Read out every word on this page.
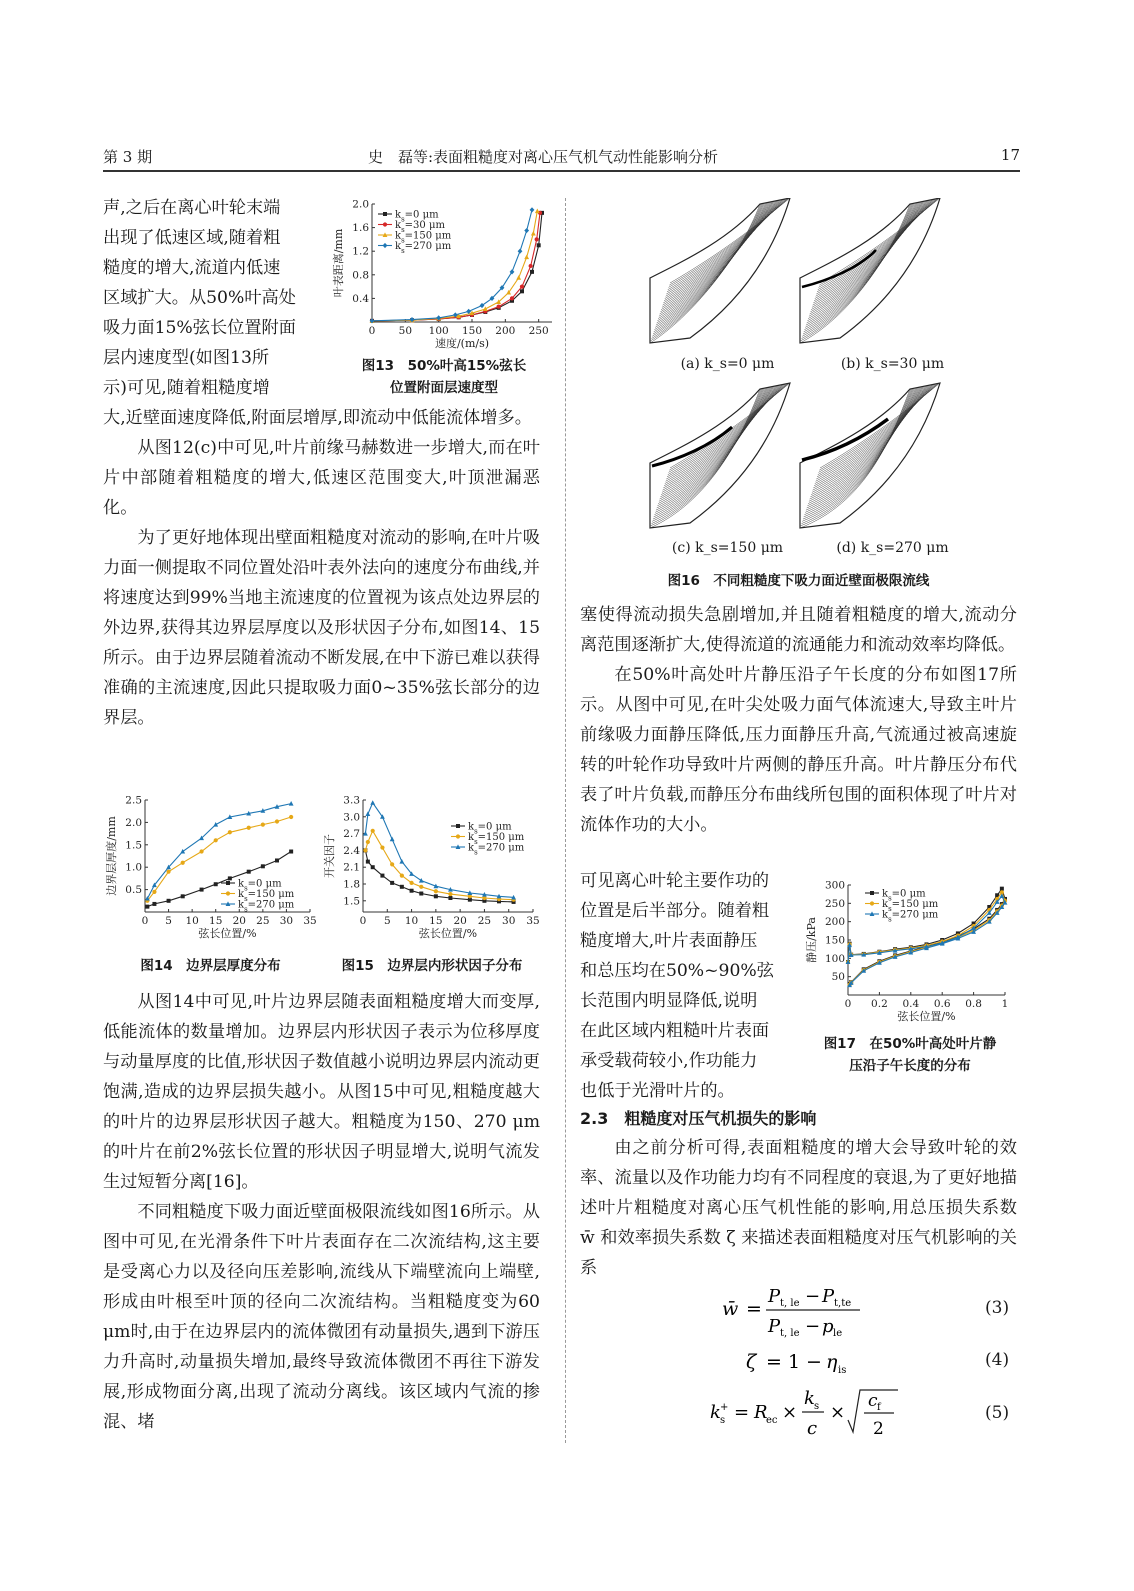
第 3 期	史　磊等:表面粗糙度对离心压气机气动性能影响分析	17
声,之后在离心叶轮末端
出现了低速区域,随着粗
糙度的增大,流道内低速
区域扩大。从50%叶高处
吸力面15%弦长位置附面
层内速度型(如图13所
示)可见,随着粗糙度增
0 50 100 150 200 250
0.4
0.8
1.2
1.6
2.0
速度/(m/s)
叶表距离/mm
$k_s=0$ μm
$k_s=30$ μm
$k_s=150$ μm
$k_s=270$ μm
图13　50%叶高15%弦长
位置附面层速度型

大,近壁面速度降低,附面层增厚,即流动中低能流体增多。

从图12(c)中可见,叶片前缘马赫数进一步增大,而在叶片中部随着粗糙度的增大,低速区范围变大,叶顶泄漏恶化。

为了更好地体现出壁面粗糙度对流动的影响,在叶片吸力面一侧提取不同位置处沿叶表外法向的速度分布曲线,并将速度达到99%当地主流速度的位置视为该点处边界层的外边界,获得其边界层厚度以及形状因子分布,如图14、15所示。由于边界层随着流动不断发展,在中下游已难以获得准确的主流速度,因此只提取吸力面0~35%弦长部分的边界层。

0 5 10 15 20 25 30 35
0.5
1.0
1.5
2.0
2.5
弦长位置/%
边界层厚度/mm	$k_s=0$ μm
$k_s=150$ μm
$k_s=270$ μm
0 5 10 15 20 25 30 35
1.5
1.8
2.1
2.4
2.7
3.0
3.3
弦长位置/%
开关因子
$k_s=0$ μm
$k_s=150$ μm
$k_s=270$ μm
图14　边界层厚度分布	图15　边界层内形状因子分布

从图14中可见,叶片边界层随表面粗糙度增大而变厚,低能流体的数量增加。边界层内形状因子表示为位移厚度与动量厚度的比值,形状因子数值越小说明边界层内流动更饱满,造成的边界层损失越小。从图15中可见,粗糙度越大的叶片的边界层形状因子越大。粗糙度为150、270 μm的叶片在前2%弦长位置的形状因子明显增大,说明气流发生过短暂分离[16]。

不同粗糙度下吸力面近壁面极限流线如图16所示。从图中可见,在光滑条件下叶片表面存在二次流结构,这主要是受离心力以及径向压差影响,流线从下端壁流向上端壁,形成由叶根至叶顶的径向二次流结构。当粗糙度变为60 μm时,由于在边界层内的流体微团有动量损失,遇到下游压力升高时,动量损失增加,最终导致流体微团不再往下游发展,形成物面分离,出现了流动分离线。该区域内气流的掺混、堵

(a) k_s=0 μm	(b) k_s=30 μm
(c) k_s=150 μm	(d) k_s=270 μm
图16　不同粗糙度下吸力面近壁面极限流线

塞使得流动损失急剧增加,并且随着粗糙度的增大,流动分离范围逐渐扩大,使得流道的流通能力和流动效率均降低。

在50%叶高处叶片静压沿子午长度的分布如图17所示。从图中可见,在叶尖处吸力面气体流速大,导致主叶片前缘吸力面静压降低,压力面静压升高,气流通过被高速旋转的叶轮作功导致叶片两侧的静压升高。叶片静压分布代表了叶片负载,而静压分布曲线所包围的面积体现了叶片对流体作功的大小。

可见离心叶轮主要作功的
位置是后半部分。随着粗
糙度增大,叶片表面静压
和总压均在50%~90%弦
长范围内明显降低,说明
在此区域内粗糙叶片表面
承受载荷较小,作功能力
也低于光滑叶片的。
0 0.2 0.4 0.6 0.8 1
50
100
150
200
250
300
弦长位置/%
静压/kPa
$k_s=0$ μm
$k_s=150$ μm
$k_s=270$ μm
图17　在50%叶高处叶片静
压沿子午长度的分布
2.3　粗糙度对压气机损失的影响

由之前分析可得,表面粗糙度的增大会导致叶轮的效率、流量以及作功能力均有不同程度的衰退,为了更好地描述叶片粗糙度对离心压气机性能的影响,用总压损失系数 w̄ 和效率损失系数 ζ 来描述表面粗糙度对压气机影响的关系

w̄ =
P t, le − P t,te
P t, le − p le
(3)
ζ = 1 − η is
(4)
k +
s = R
ec ×
k s
c
×
c f
2
(5)
